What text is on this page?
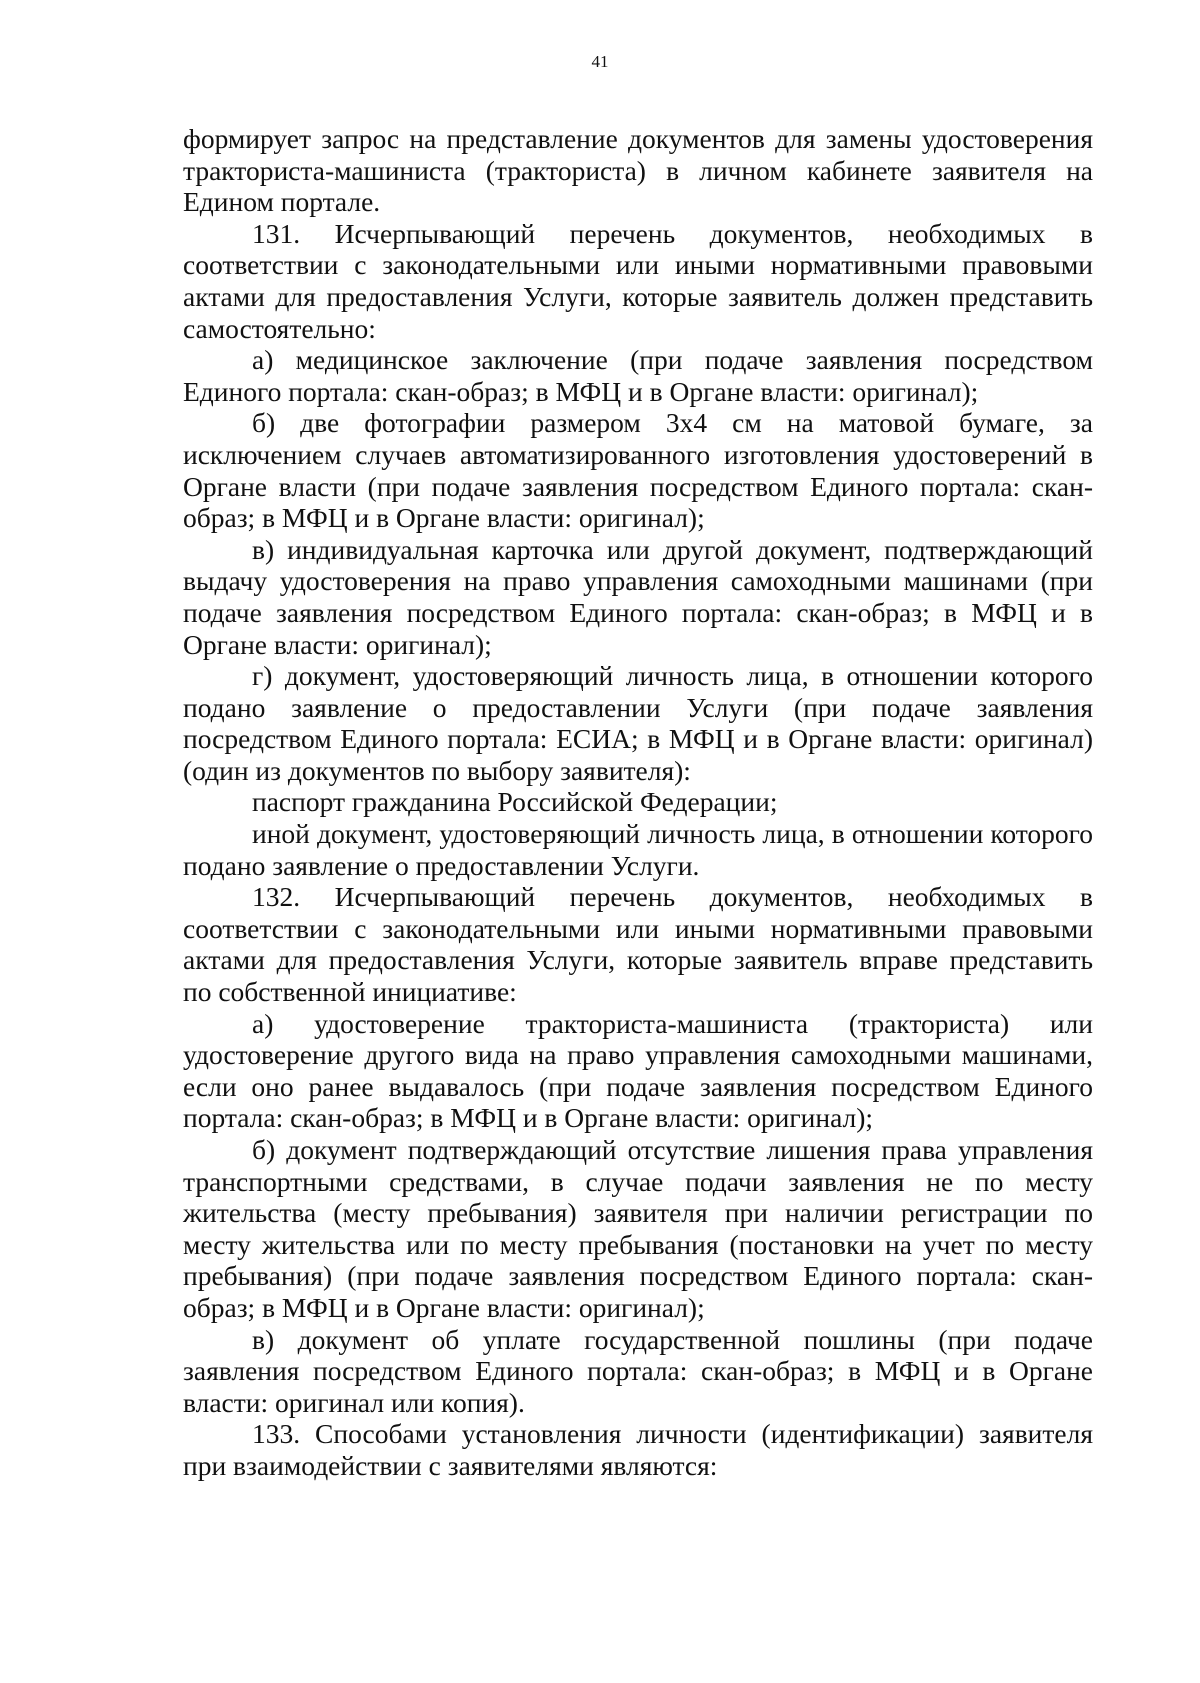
41

формирует запрос на представление документов для замены удостоверения тракториста-машиниста (тракториста) в личном кабинете заявителя на Едином портале.

131. Исчерпывающий перечень документов, необходимых в соответствии с законодательными или иными нормативными правовыми актами для предоставления Услуги, которые заявитель должен представить самостоятельно:

а) медицинское заключение (при подаче заявления посредством Единого портала: скан-образ; в МФЦ и в Органе власти: оригинал);

б) две фотографии размером 3х4 см на матовой бумаге, за исключением случаев автоматизированного изготовления удостоверений в Органе власти (при подаче заявления посредством Единого портала: скан-образ; в МФЦ и в Органе власти: оригинал);

в) индивидуальная карточка или другой документ, подтверждающий выдачу удостоверения на право управления самоходными машинами (при подаче заявления посредством Единого портала: скан-образ; в МФЦ и в Органе власти: оригинал);

г) документ, удостоверяющий личность лица, в отношении которого подано заявление о предоставлении Услуги (при подаче заявления посредством Единого портала: ЕСИА; в МФЦ и в Органе власти: оригинал) (один из документов по выбору заявителя):

паспорт гражданина Российской Федерации;

иной документ, удостоверяющий личность лица, в отношении которого подано заявление о предоставлении Услуги.

132. Исчерпывающий перечень документов, необходимых в соответствии с законодательными или иными нормативными правовыми актами для предоставления Услуги, которые заявитель вправе представить по собственной инициативе:

а) удостоверение тракториста-машиниста (тракториста) или удостоверение другого вида на право управления самоходными машинами, если оно ранее выдавалось (при подаче заявления посредством Единого портала: скан-образ; в МФЦ и в Органе власти: оригинал);

б) документ подтверждающий отсутствие лишения права управления транспортными средствами, в случае подачи заявления не по месту жительства (месту пребывания) заявителя при наличии регистрации по месту жительства или по месту пребывания (постановки на учет по месту пребывания) (при подаче заявления посредством Единого портала: скан-образ; в МФЦ и в Органе власти: оригинал);

в) документ об уплате государственной пошлины (при подаче заявления посредством Единого портала: скан-образ; в МФЦ и в Органе власти: оригинал или копия).

133. Способами установления личности (идентификации) заявителя при взаимодействии с заявителями являются:
